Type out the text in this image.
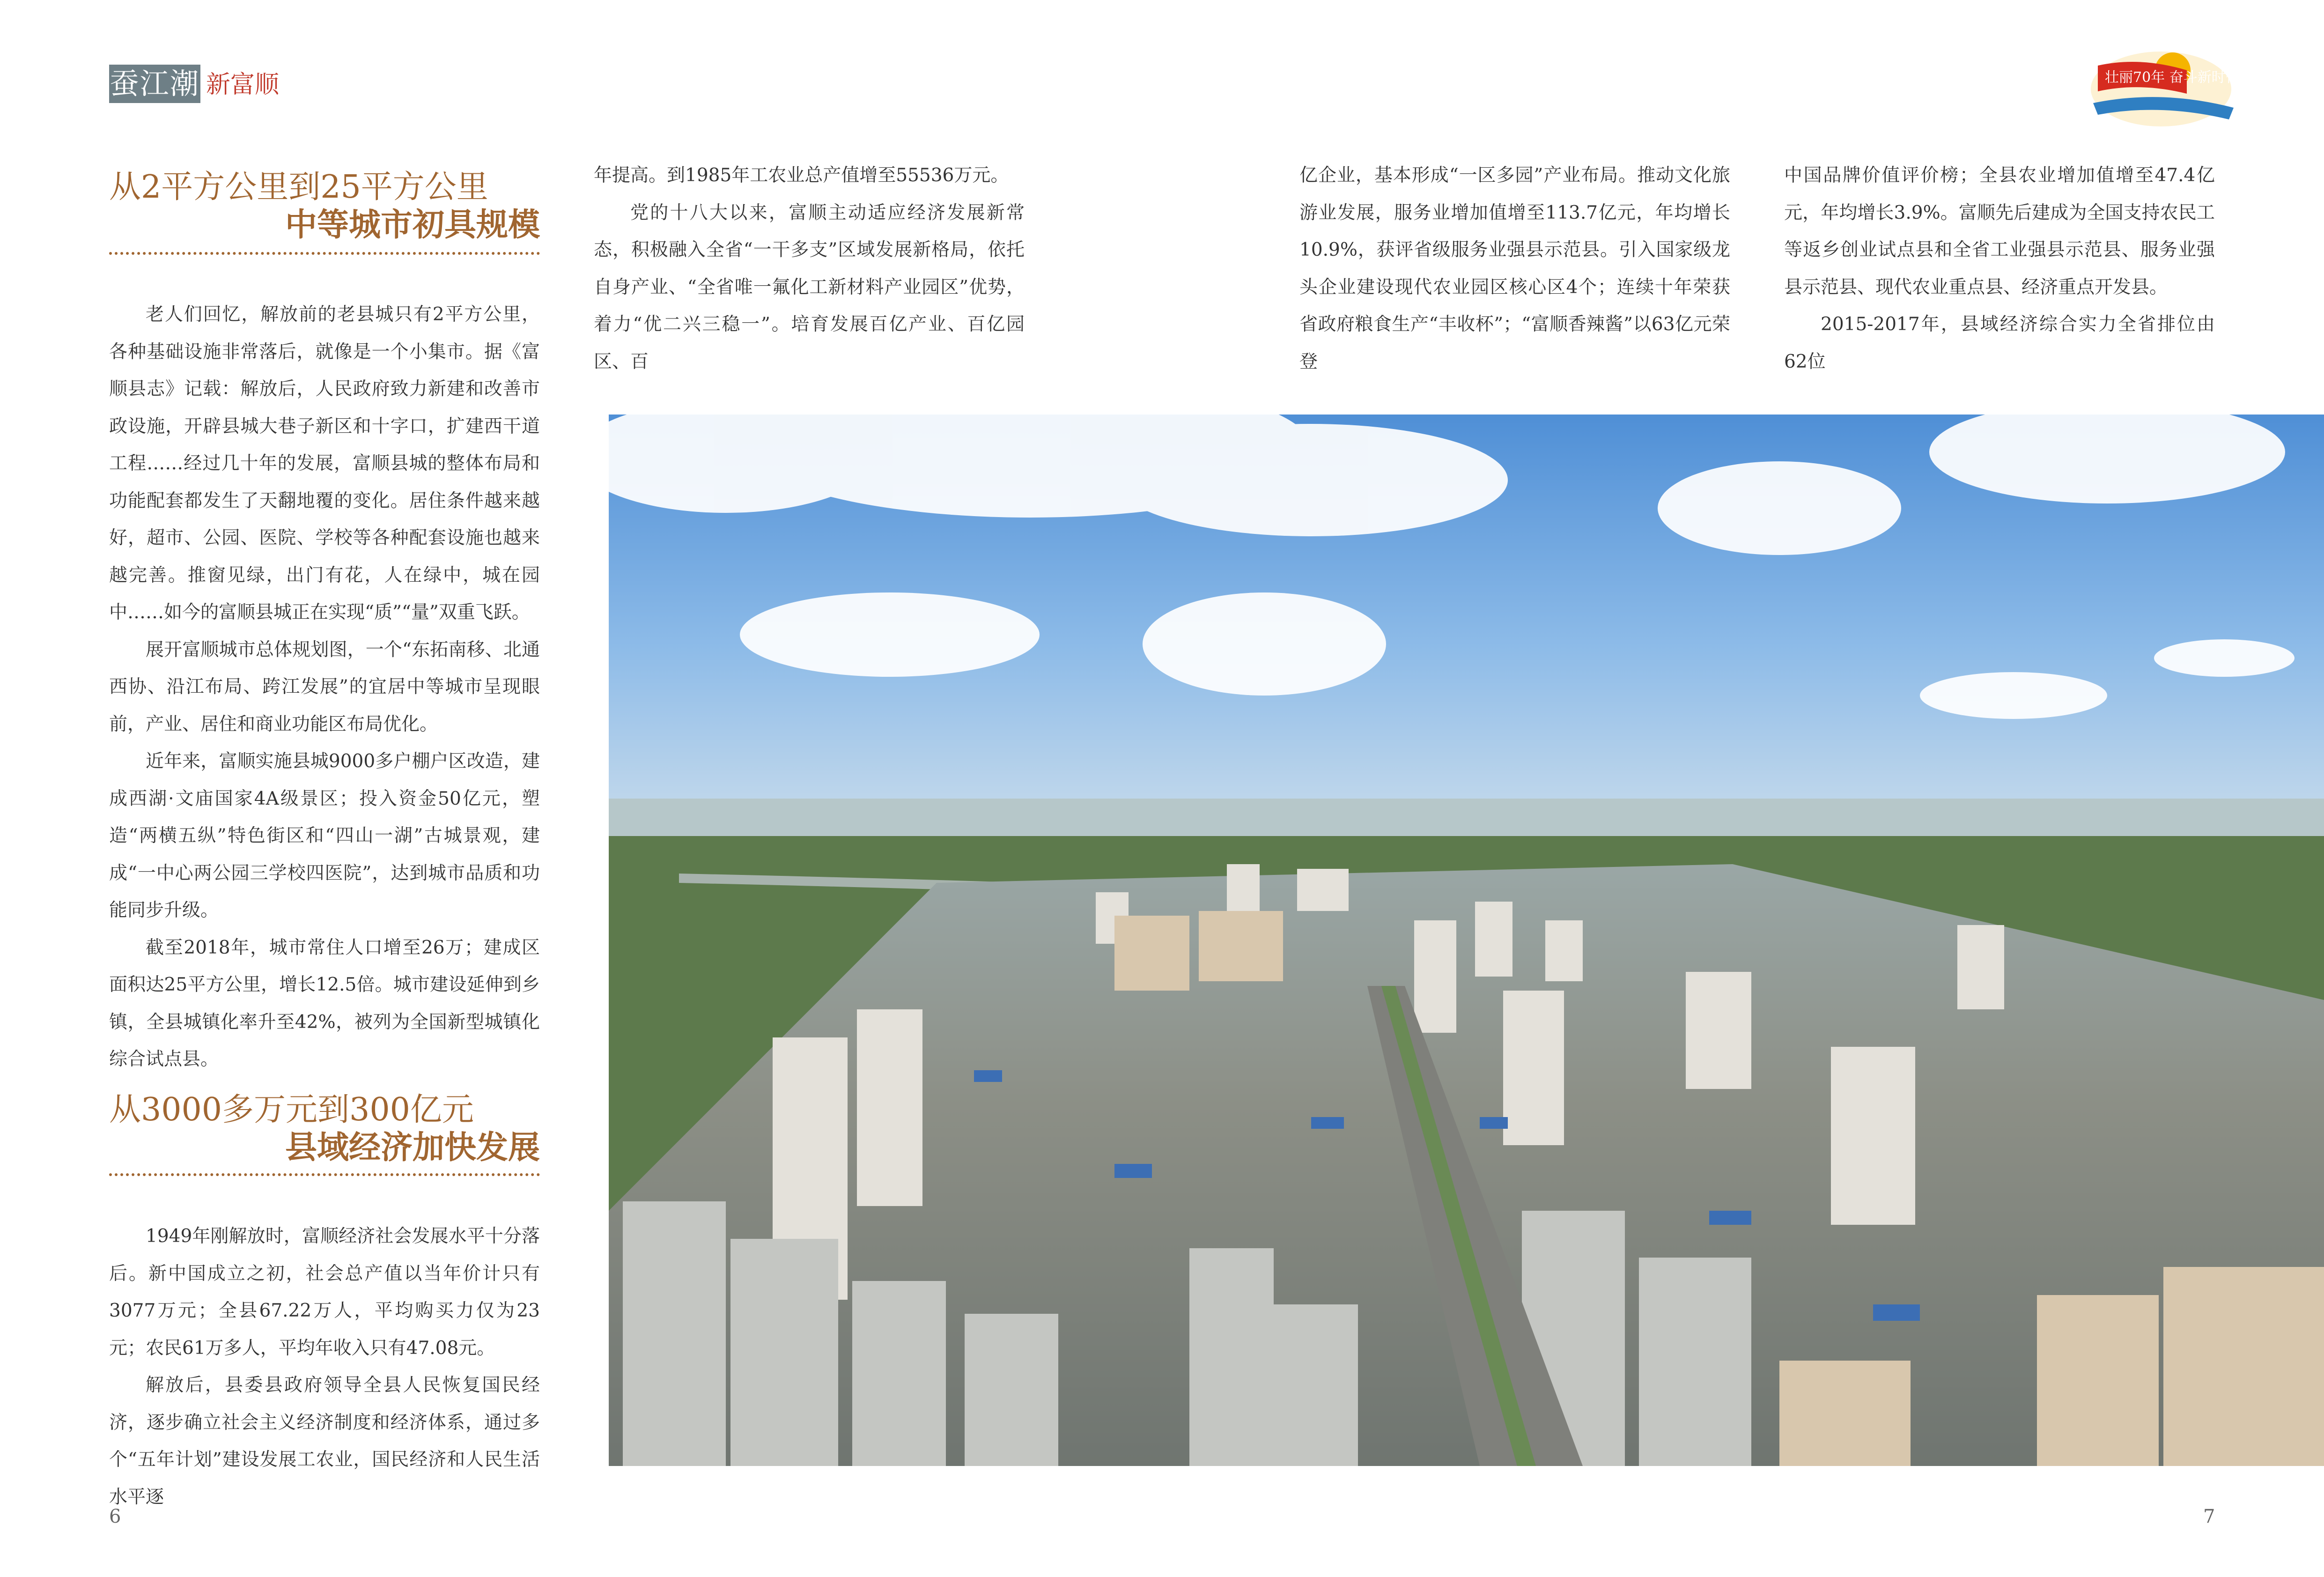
蚕江潮 新富顺	壮丽70年 奋斗新时代
从2平方公里到25平方公里
中等城市初具规模

老人们回忆，解放前的老县城只有2平方公里，各种基础设施非常落后，就像是一个小集市。据《富顺县志》记载：解放后，人民政府致力新建和改善市政设施，开辟县城大巷子新区和十字口，扩建西干道工程……经过几十年的发展，富顺县城的整体布局和功能配套都发生了天翻地覆的变化。居住条件越来越好，超市、公园、医院、学校等各种配套设施也越来越完善。推窗见绿，出门有花，人在绿中，城在园中……如今的富顺县城正在实现“质”“量”双重飞跃。

展开富顺城市总体规划图，一个“东拓南移、北通西协、沿江布局、跨江发展”的宜居中等城市呈现眼前，产业、居住和商业功能区布局优化。

近年来，富顺实施县城9000多户棚户区改造，建成西湖·文庙国家4A级景区；投入资金50亿元，塑造“两横五纵”特色街区和“四山一湖”古城景观，建成“一中心两公园三学校四医院”，达到城市品质和功能同步升级。

截至2018年，城市常住人口增至26万；建成区面积达25平方公里，增长12.5倍。城市建设延伸到乡镇，全县城镇化率升至42%，被列为全国新型城镇化综合试点县。

从3000多万元到300亿元
县域经济加快发展

1949年刚解放时，富顺经济社会发展水平十分落后。新中国成立之初，社会总产值以当年价计只有3077万元；全县67.22万人，平均购买力仅为23元；农民61万多人，平均年收入只有47.08元。

解放后，县委县政府领导全县人民恢复国民经济，逐步确立社会主义经济制度和经济体系，通过多个“五年计划”建设发展工农业，国民经济和人民生活水平逐

年提高。到1985年工农业总产值增至55536万元。

党的十八大以来，富顺主动适应经济发展新常态，积极融入全省“一干多支”区域发展新格局，依托自身产业、“全省唯一氟化工新材料产业园区”优势，着力“优二兴三稳一”。培育发展百亿产业、百亿园区、百

亿企业，基本形成“一区多园”产业布局。推动文化旅游业发展，服务业增加值增至113.7亿元，年均增长10.9%，获评省级服务业强县示范县。引入国家级龙头企业建设现代农业园区核心区4个；连续十年荣获省政府粮食生产“丰收杯”；“富顺香辣酱”以63亿元荣登

中国品牌价值评价榜；全县农业增加值增至47.4亿元，年均增长3.9%。富顺先后建成为全国支持农民工等返乡创业试点县和全省工业强县示范县、服务业强县示范县、现代农业重点县、经济重点开发县。

2015-2017年，县域经济综合实力全省排位由62位

6	7
